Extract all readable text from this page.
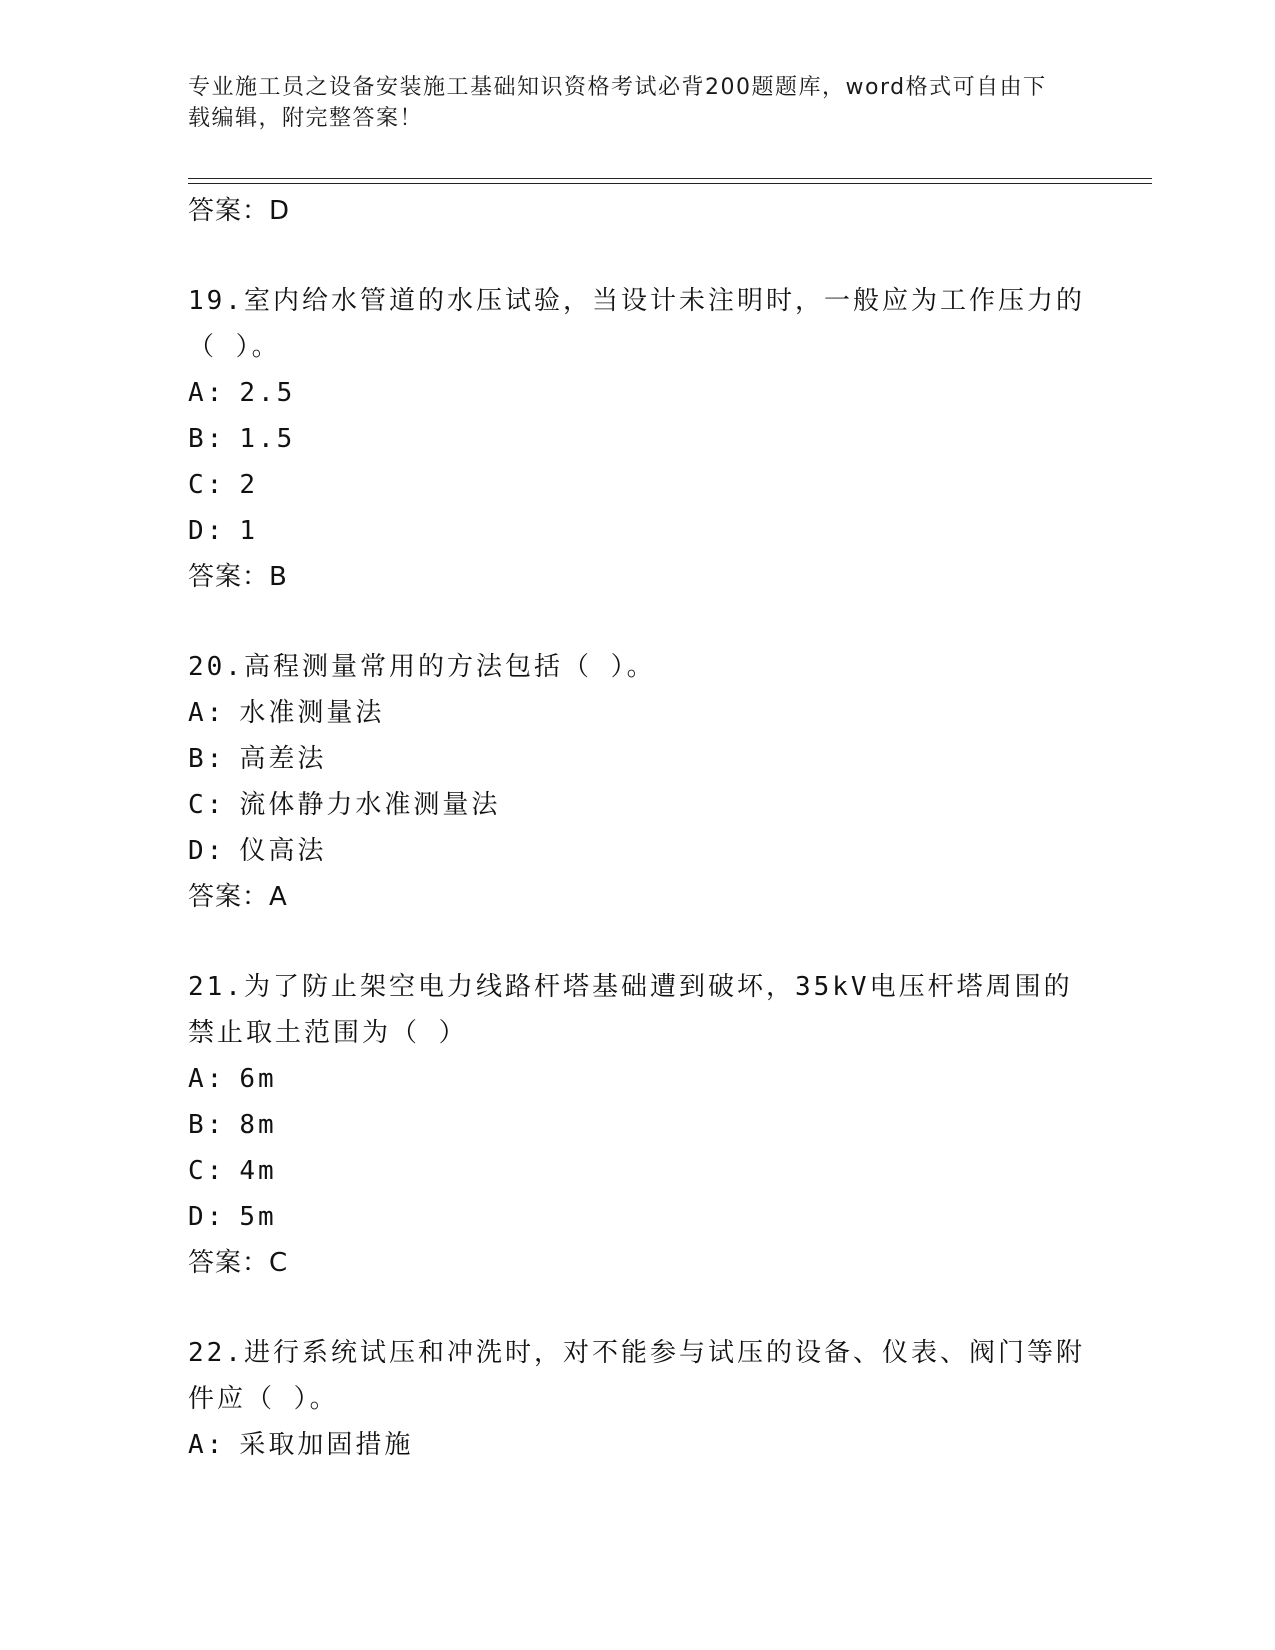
专业施工员之设备安装施工基础知识资格考试必背200题题库，word格式可自由下载编辑，附完整答案！
答案：D
19.室内给水管道的水压试验，当设计未注明时，一般应为工作压力的（ ）。
A: 2.5
B: 1.5
C: 2
D: 1
答案：B
20.高程测量常用的方法包括（ ）。
A: 水准测量法
B: 高差法
C: 流体静力水准测量法
D: 仪高法
答案：A
21.为了防止架空电力线路杆塔基础遭到破坏，35kV电压杆塔周围的禁止取土范围为（ ）
A: 6m
B: 8m
C: 4m
D: 5m
答案：C
22.进行系统试压和冲洗时，对不能参与试压的设备、仪表、阀门等附件应（ ）。
A: 采取加固措施
